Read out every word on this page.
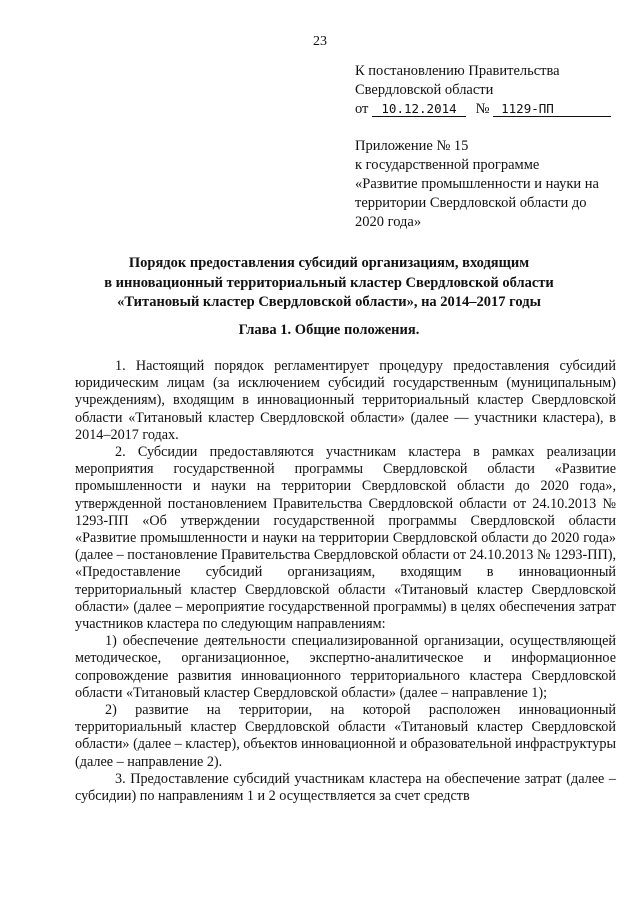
23
К постановлению Правительства
Свердловской области
от 10.12.2014 № 1129-ПП
Приложение № 15
к государственной программе
«Развитие промышленности и науки на
территории Свердловской области до
2020 года»
Порядок предоставления субсидий организациям, входящим
в инновационный территориальный кластер Свердловской области
«Титановый кластер Свердловской области», на 2014–2017 годы
Глава 1. Общие положения.

1. Настоящий порядок регламентирует процедуру предоставления субсидий юридическим лицам (за исключением субсидий государственным (муниципальным) учреждениям), входящим в инновационный территориальный кластер Свердловской области «Титановый кластер Свердловской области» (далее — участники кластера), в 2014–2017 годах.

2. Субсидии предоставляются участникам кластера в рамках реализации мероприятия государственной программы Свердловской области «Развитие промышленности и науки на территории Свердловской области до 2020 года», утвержденной постановлением Правительства Свердловской области от 24.10.2013 № 1293-ПП «Об утверждении государственной программы Свердловской области «Развитие промышленности и науки на территории Свердловской области до 2020 года» (далее – постановление Правительства Свердловской области от 24.10.2013 № 1293-ПП), «Предоставление субсидий организациям, входящим в инновационный территориальный кластер Свердловской области «Титановый кластер Свердловской области» (далее – мероприятие государственной программы) в целях обеспечения затрат участников кластера по следующим направлениям:

1) обеспечение деятельности специализированной организации, осуществляющей методическое, организационное, экспертно-аналитическое и информационное сопровождение развития инновационного территориального кластера Свердловской области «Титановый кластер Свердловской области» (далее – направление 1);

2) развитие на территории, на которой расположен инновационный территориальный кластер Свердловской области «Титановый кластер Свердловской области» (далее – кластер), объектов инновационной и образовательной инфраструктуры (далее – направление 2).

3. Предоставление субсидий участникам кластера на обеспечение затрат (далее – субсидии) по направлениям 1 и 2 осуществляется за счет средств
